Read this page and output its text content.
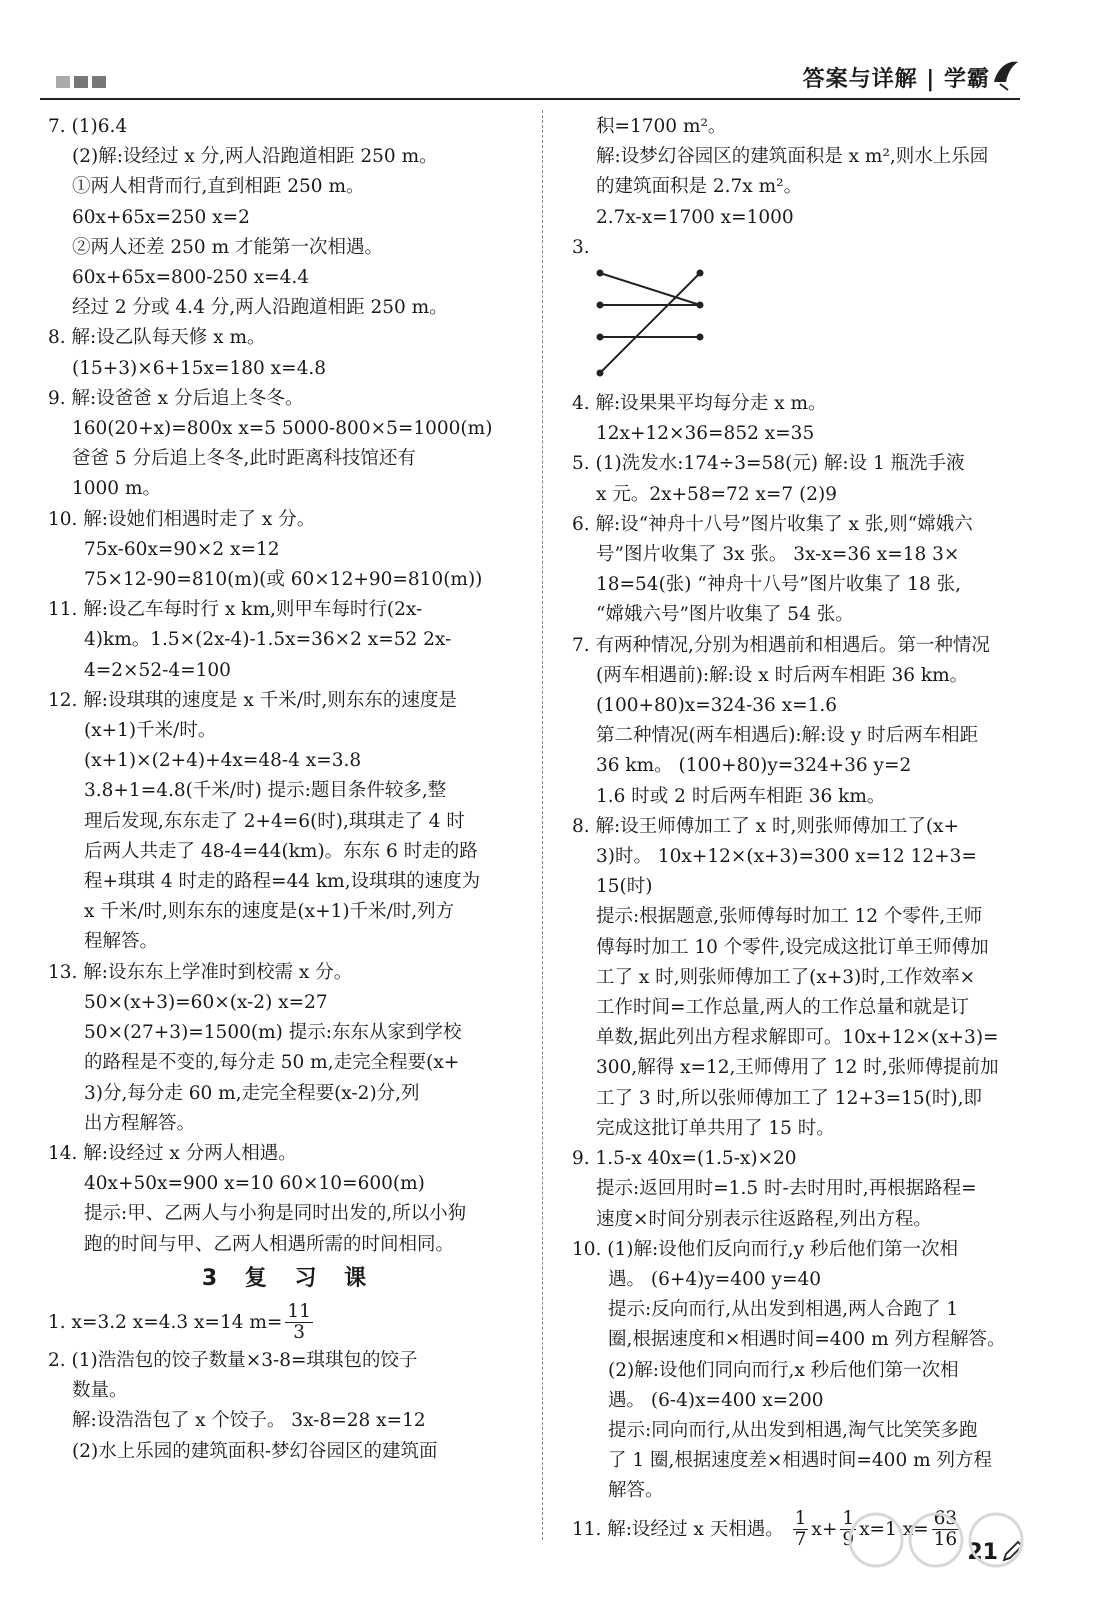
答案与详解 | 学霸
7. (1)6.4
(2)解:设经过 x 分,两人沿跑道相距 250 m。
①两人相背而行,直到相距 250 m。
60x+65x=250 x=2
②两人还差 250 m 才能第一次相遇。
60x+65x=800-250 x=4.4
经过 2 分或 4.4 分,两人沿跑道相距 250 m。
8. 解:设乙队每天修 x m。
(15+3)×6+15x=180 x=4.8
9. 解:设爸爸 x 分后追上冬冬。
160(20+x)=800x x=5 5000-800×5=1000(m)
爸爸 5 分后追上冬冬,此时距离科技馆还有
1000 m。
10. 解:设她们相遇时走了 x 分。
75x-60x=90×2 x=12
75×12-90=810(m)(或 60×12+90=810(m))
11. 解:设乙车每时行 x km,则甲车每时行(2x-
4)km。1.5×(2x-4)-1.5x=36×2 x=52 2x-
4=2×52-4=100
12. 解:设琪琪的速度是 x 千米/时,则东东的速度是
(x+1)千米/时。
(x+1)×(2+4)+4x=48-4 x=3.8
3.8+1=4.8(千米/时) 提示:题目条件较多,整
理后发现,东东走了 2+4=6(时),琪琪走了 4 时
后两人共走了 48-4=44(km)。东东 6 时走的路
程+琪琪 4 时走的路程=44 km,设琪琪的速度为
x 千米/时,则东东的速度是(x+1)千米/时,列方
程解答。
13. 解:设东东上学准时到校需 x 分。
50×(x+3)=60×(x-2) x=27
50×(27+3)=1500(m) 提示:东东从家到学校
的路程是不变的,每分走 50 m,走完全程要(x+
3)分,每分走 60 m,走完全程要(x-2)分,列
出方程解答。
14. 解:设经过 x 分两人相遇。
40x+50x=900 x=10 60×10=600(m)
提示:甲、乙两人与小狗是同时出发的,所以小狗
跑的时间与甲、乙两人相遇所需的时间相同。
3 复 习 课
1. x=3.2 x=4.3 x=14 $m= \frac{11}{3}$
2. (1)浩浩包的饺子数量×3-8=琪琪包的饺子
数量。
解:设浩浩包了 x 个饺子。 3x-8=28 x=12
(2)水上乐园的建筑面积-梦幻谷园区的建筑面
积=1700 m²。
解:设梦幻谷园区的建筑面积是 x m²,则水上乐园
的建筑面积是 2.7x m²。
2.7x-x=1700 x=1000
3.
4. 解:设果果平均每分走 x m。
12x+12×36=852 x=35
5. (1)洗发水:174÷3=58(元) 解:设 1 瓶洗手液
x 元。2x+58=72 x=7 (2)9
6. 解:设“神舟十八号”图片收集了 x 张,则“嫦娥六
号”图片收集了 3x 张。 3x-x=36 x=18 3×
18=54(张) “神舟十八号”图片收集了 18 张,
“嫦娥六号”图片收集了 54 张。
7. 有两种情况,分别为相遇前和相遇后。第一种情况
(两车相遇前):解:设 x 时后两车相距 36 km。
(100+80)x=324-36 x=1.6
第二种情况(两车相遇后):解:设 y 时后两车相距
36 km。 (100+80)y=324+36 y=2
1.6 时或 2 时后两车相距 36 km。
8. 解:设王师傅加工了 x 时,则张师傅加工了(x+
3)时。 10x+12×(x+3)=300 x=12 12+3=
15(时)
提示:根据题意,张师傅每时加工 12 个零件,王师
傅每时加工 10 个零件,设完成这批订单王师傅加
工了 x 时,则张师傅加工了(x+3)时,工作效率×
工作时间=工作总量,两人的工作总量和就是订
单数,据此列出方程求解即可。10x+12×(x+3)=
300,解得 x=12,王师傅用了 12 时,张师傅提前加
工了 3 时,所以张师傅加工了 12+3=15(时),即
完成这批订单共用了 15 时。
9. 1.5-x 40x=(1.5-x)×20
提示:返回用时=1.5 时-去时用时,再根据路程=
速度×时间分别表示往返路程,列出方程。
10. (1)解:设他们反向而行,y 秒后他们第一次相
遇。 (6+4)y=400 y=40
提示:反向而行,从出发到相遇,两人合跑了 1
圈,根据速度和×相遇时间=400 m 列方程解答。
(2)解:设他们同向而行,x 秒后他们第一次相
遇。 (6-4)x=400 x=200
提示:同向而行,从出发到相遇,淘气比笑笑多跑
了 1 圈,根据速度差×相遇时间=400 m 列方程
解答。
11. 解:设经过 x 天相遇。 $\frac{1}{7} x+ \frac{1}{9} x=1$ $x= \frac{63}{16}$
21
